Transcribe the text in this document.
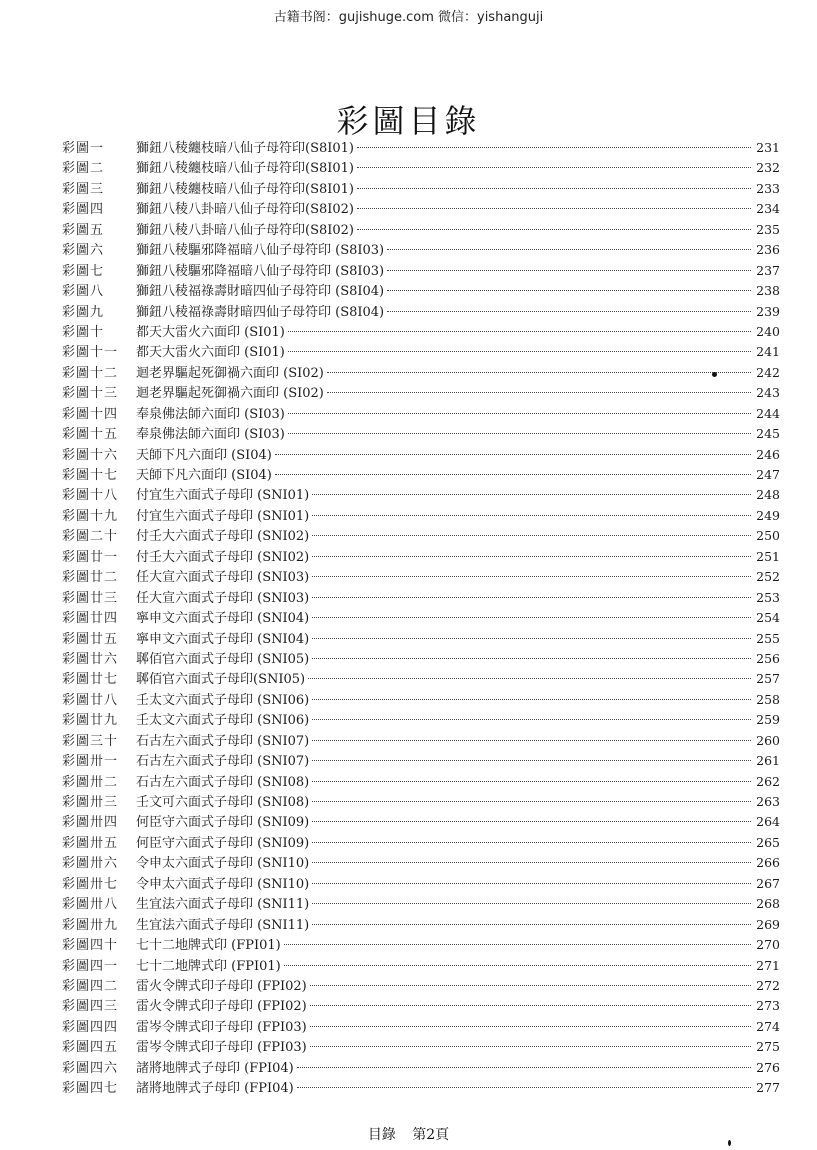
古籍书阁：gujishuge.com 微信：yishanguji
彩圖目錄
彩圖一	獅鈕八稜纏枝暗八仙子母符印(S8I01)	231
彩圖二	獅鈕八稜纏枝暗八仙子母符印(S8I01)	232
彩圖三	獅鈕八稜纏枝暗八仙子母符印(S8I01)	233
彩圖四	獅鈕八稜八卦暗八仙子母符印(S8I02)	234
彩圖五	獅鈕八稜八卦暗八仙子母符印(S8I02)	235
彩圖六	獅鈕八稜驅邪降福暗八仙子母符印 (S8I03)	236
彩圖七	獅鈕八稜驅邪降福暗八仙子母符印 (S8I03)	237
彩圖八	獅鈕八稜福祿壽財暗四仙子母符印 (S8I04)	238
彩圖九	獅鈕八稜福祿壽財暗四仙子母符印 (S8I04)	239
彩圖十	都天大雷火六面印 (SI01)	240
彩圖十一	都天大雷火六面印 (SI01)	241
彩圖十二	迴老界驅起死御禍六面印 (SI02)	242
彩圖十三	迴老界驅起死御禍六面印 (SI02)	243
彩圖十四	奉泉佛法師六面印 (SI03)	244
彩圖十五	奉泉佛法師六面印 (SI03)	245
彩圖十六	天師下凡六面印 (SI04)	246
彩圖十七	天師下凡六面印 (SI04)	247
彩圖十八	付宜生六面式子母印 (SNI01)	248
彩圖十九	付宜生六面式子母印 (SNI01)	249
彩圖二十	付壬大六面式子母印 (SNI02)	250
彩圖廿一	付壬大六面式子母印 (SNI02)	251
彩圖廿二	任大宣六面式子母印 (SNI03)	252
彩圖廿三	任大宣六面式子母印 (SNI03)	253
彩圖廿四	寧申文六面式子母印 (SNI04)	254
彩圖廿五	寧申文六面式子母印 (SNI04)	255
彩圖廿六	郰佰官六面式子母印 (SNI05)	256
彩圖廿七	郰佰官六面式子母印(SNI05)	257
彩圖廿八	壬太文六面式子母印 (SNI06)	258
彩圖廿九	壬太文六面式子母印 (SNI06)	259
彩圖三十	石古左六面式子母印 (SNI07)	260
彩圖卅一	石古左六面式子母印 (SNI07)	261
彩圖卅二	石古左六面式子母印 (SNI08)	262
彩圖卅三	壬文可六面式子母印 (SNI08)	263
彩圖卅四	何臣守六面式子母印 (SNI09)	264
彩圖卅五	何臣守六面式子母印 (SNI09)	265
彩圖卅六	令申太六面式子母印 (SNI10)	266
彩圖卅七	令申太六面式子母印 (SNI10)	267
彩圖卅八	生宜法六面式子母印 (SNI11)	268
彩圖卅九	生宜法六面式子母印 (SNI11)	269
彩圖四十	七十二地牌式印 (FPI01)	270
彩圖四一	七十二地牌式印 (FPI01)	271
彩圖四二	雷火令牌式印子母印 (FPI02)	272
彩圖四三	雷火令牌式印子母印 (FPI02)	273
彩圖四四	雷岑令牌式印子母印 (FPI03)	274
彩圖四五	雷岑令牌式印子母印 (FPI03)	275
彩圖四六	諸將地牌式子母印 (FPI04)	276
彩圖四七	諸將地牌式子母印 (FPI04)	277
目錄 第2頁
